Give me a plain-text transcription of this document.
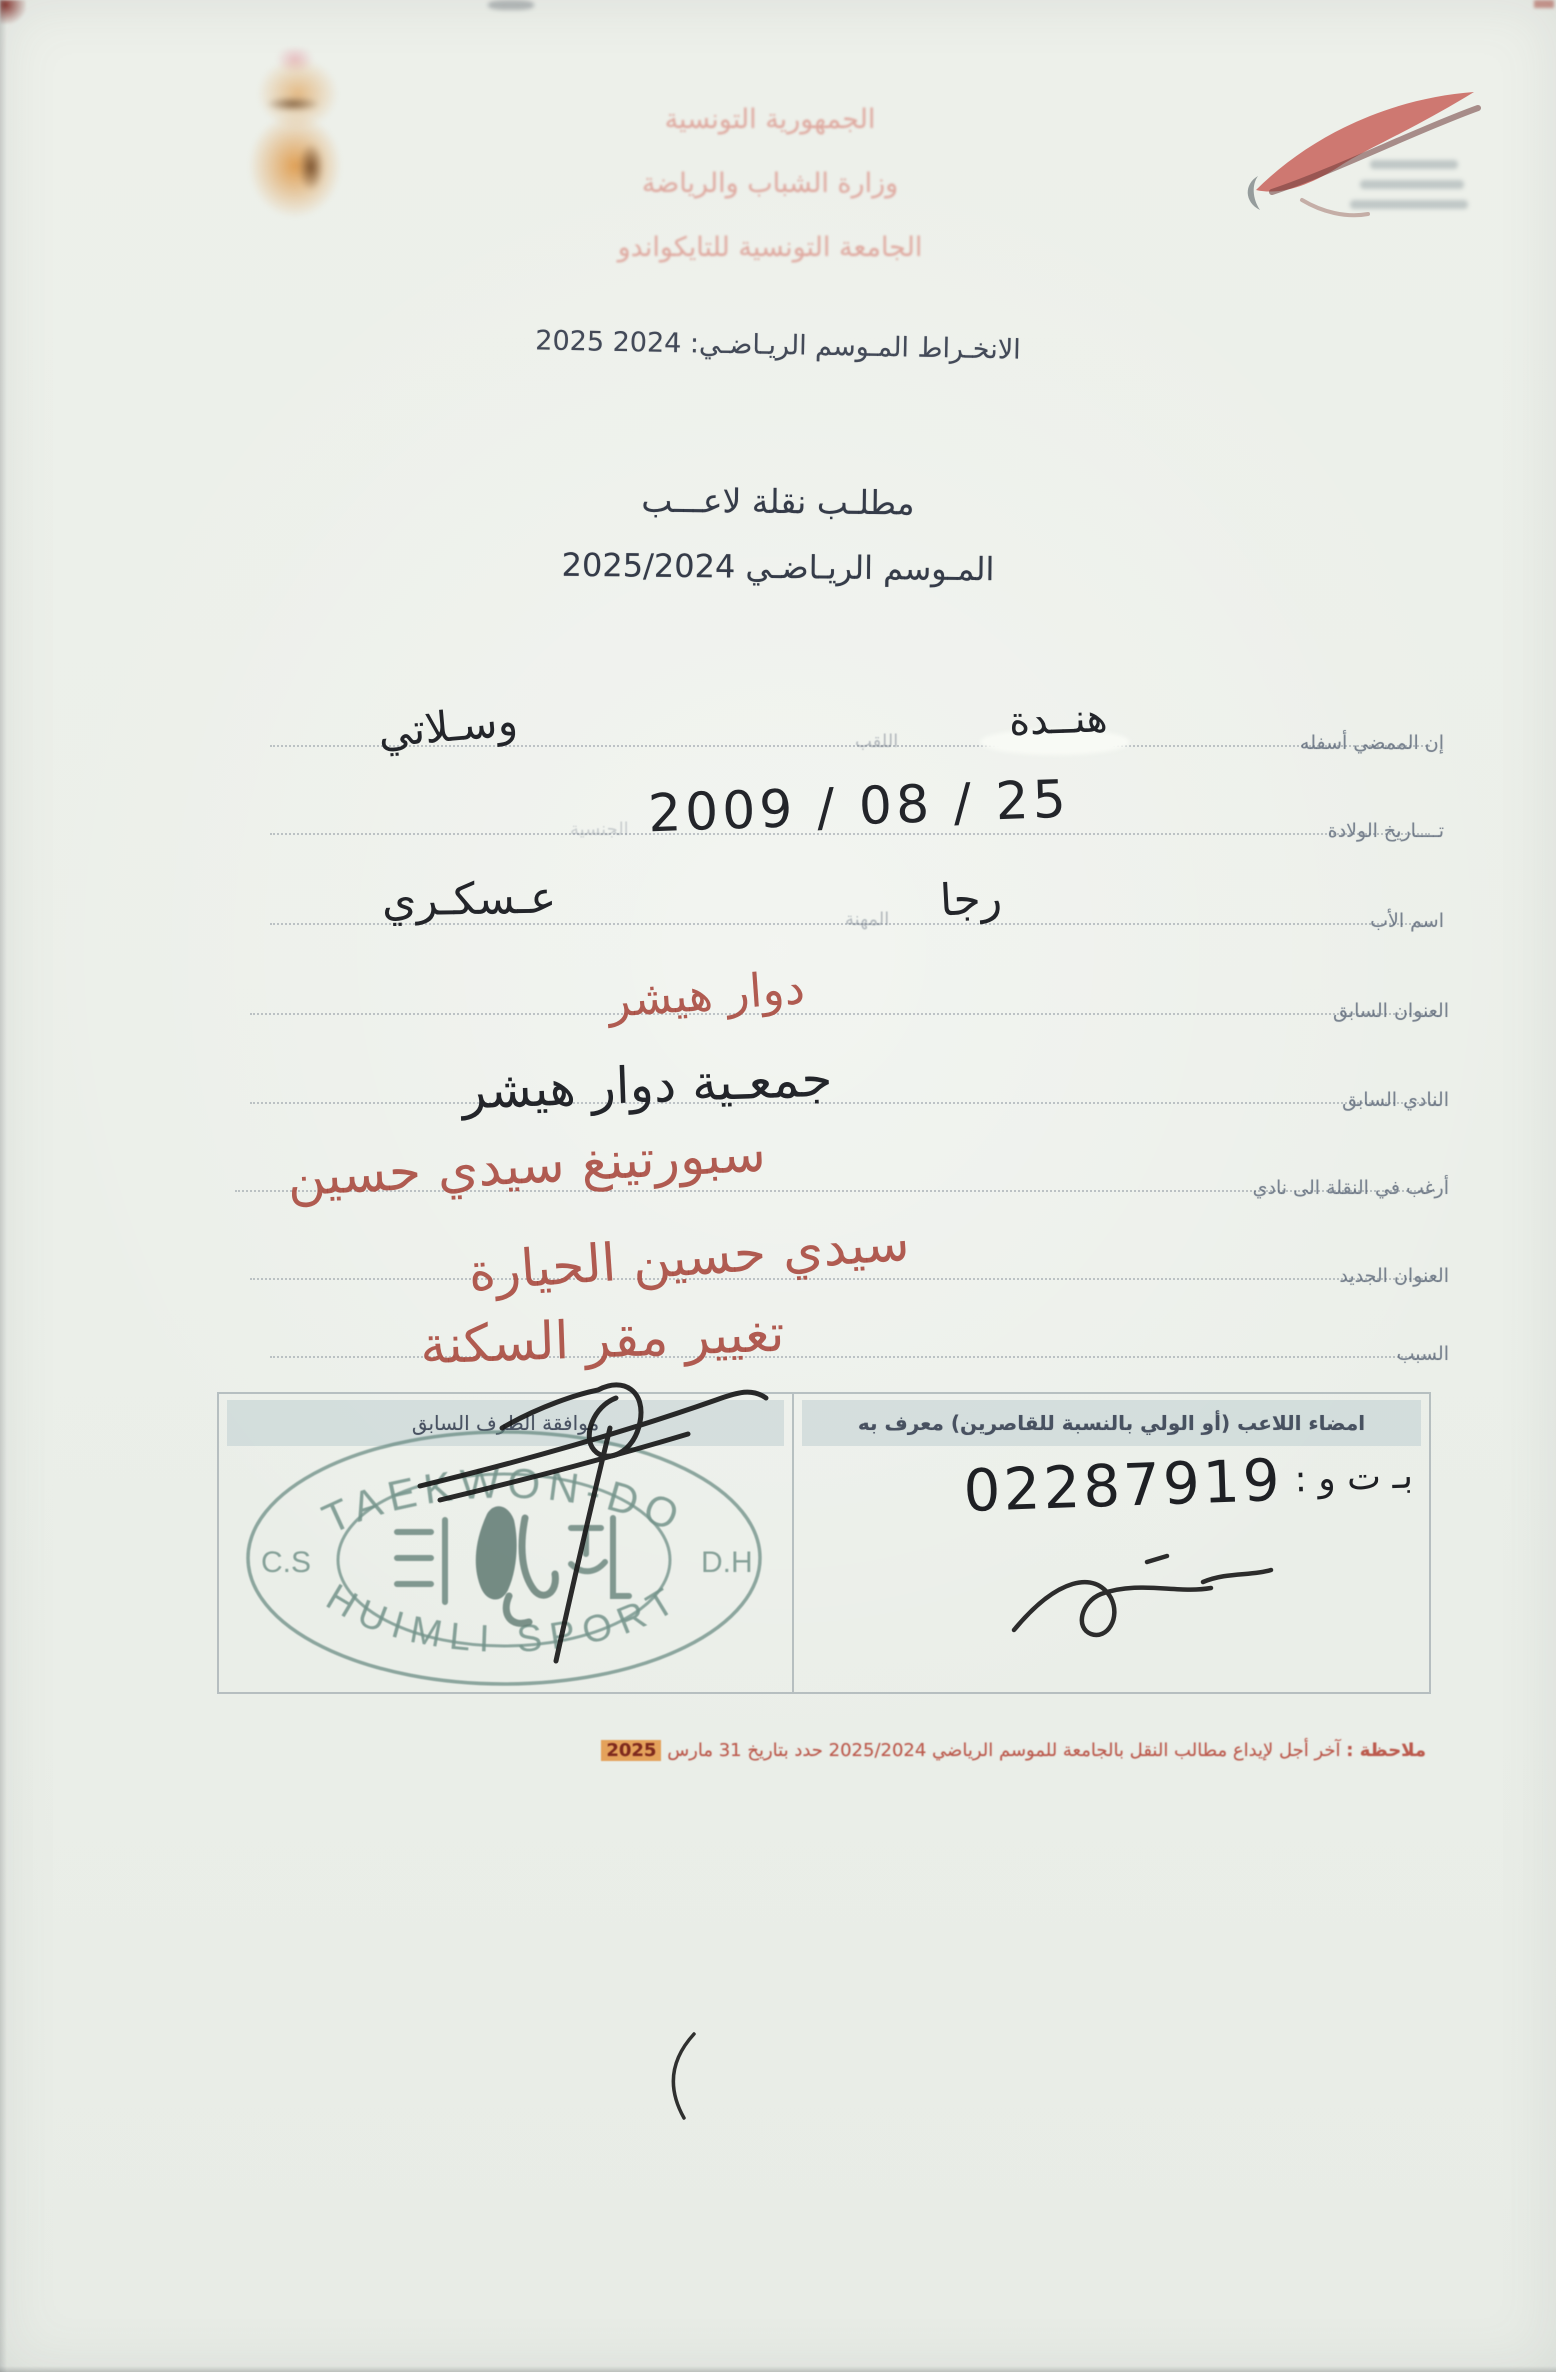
الجمهورية التونسية
وزارة الشباب والرياضة
الجامعة التونسية للتايكواندو
الانخـراط المـوسم الريـاضـي: 2024 2025
مطلـب نقلة لاعـــب
المـوسم الريـاضـي 2025/2024
إن الممضي أسفله
اللقب	هنــدة
وسـلاتي
تــــاريخ الولادة
الجنسية 2009 / 08 / 25
اسم الأب
المهنة رجا
عـسكـري
العنوان السابق
دوار هيشر
النادي السابق
جمعـية دوار هيشر
أرغب في النقلة الى نادي
سبورتينغ سيدي حسين
العنوان الجديد
سيدي حسين الحيارة
السبب
تغيير مقر السكنة
موافقة الطرف السابق
TAEKWON-DO
HUIMLI SPORT
C.S	D.H
امضاء اللاعب (أو الولي بالنسبة للقاصرين) معرف به
بـ ت و :
02287919
ملاحظة : آخر أجل لإيداع مطالب النقل بالجامعة للموسم الرياضي 2025/2024 حدد بتاريخ 31 مارس 2025
